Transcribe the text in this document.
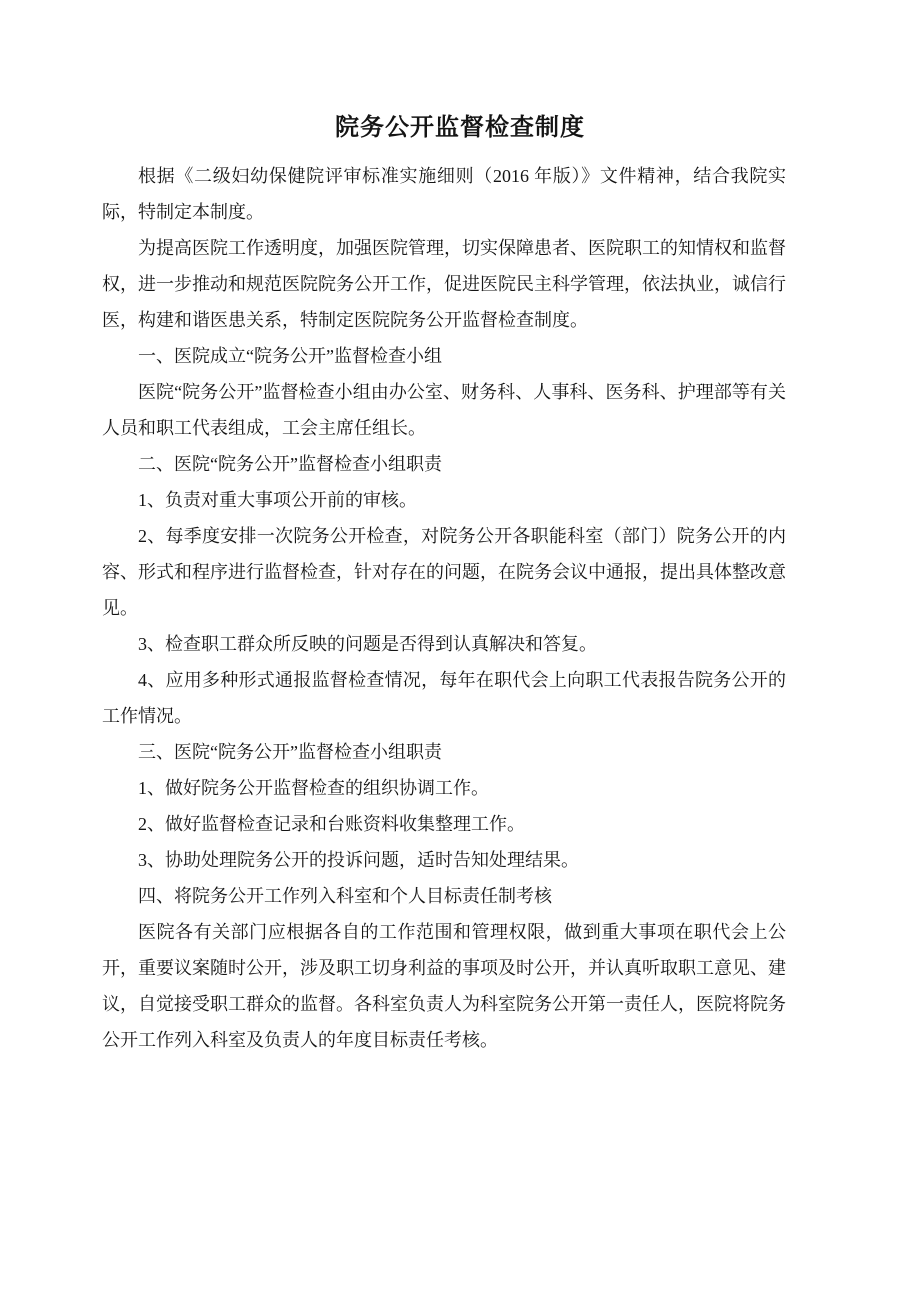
院务公开监督检查制度

根据《二级妇幼保健院评审标准实施细则（2016 年版）》文件精神，结合我院实际，特制定本制度。

为提高医院工作透明度，加强医院管理，切实保障患者、医院职工的知情权和监督权，进一步推动和规范医院院务公开工作，促进医院民主科学管理，依法执业，诚信行医，构建和谐医患关系，特制定医院院务公开监督检查制度。

一、医院成立“院务公开”监督检查小组

医院“院务公开”监督检查小组由办公室、财务科、人事科、医务科、护理部等有关人员和职工代表组成，工会主席任组长。

二、医院“院务公开”监督检查小组职责

1、负责对重大事项公开前的审核。

2、每季度安排一次院务公开检查，对院务公开各职能科室（部门）院务公开的内容、形式和程序进行监督检查，针对存在的问题，在院务会议中通报，提出具体整改意见。

3、检查职工群众所反映的问题是否得到认真解决和答复。

4、应用多种形式通报监督检查情况，每年在职代会上向职工代表报告院务公开的工作情况。

三、医院“院务公开”监督检查小组职责

1、做好院务公开监督检查的组织协调工作。

2、做好监督检查记录和台账资料收集整理工作。

3、协助处理院务公开的投诉问题，适时告知处理结果。

四、将院务公开工作列入科室和个人目标责任制考核

医院各有关部门应根据各自的工作范围和管理权限，做到重大事项在职代会上公开，重要议案随时公开，涉及职工切身利益的事项及时公开，并认真听取职工意见、建议，自觉接受职工群众的监督。各科室负责人为科室院务公开第一责任人，医院将院务公开工作列入科室及负责人的年度目标责任考核。
